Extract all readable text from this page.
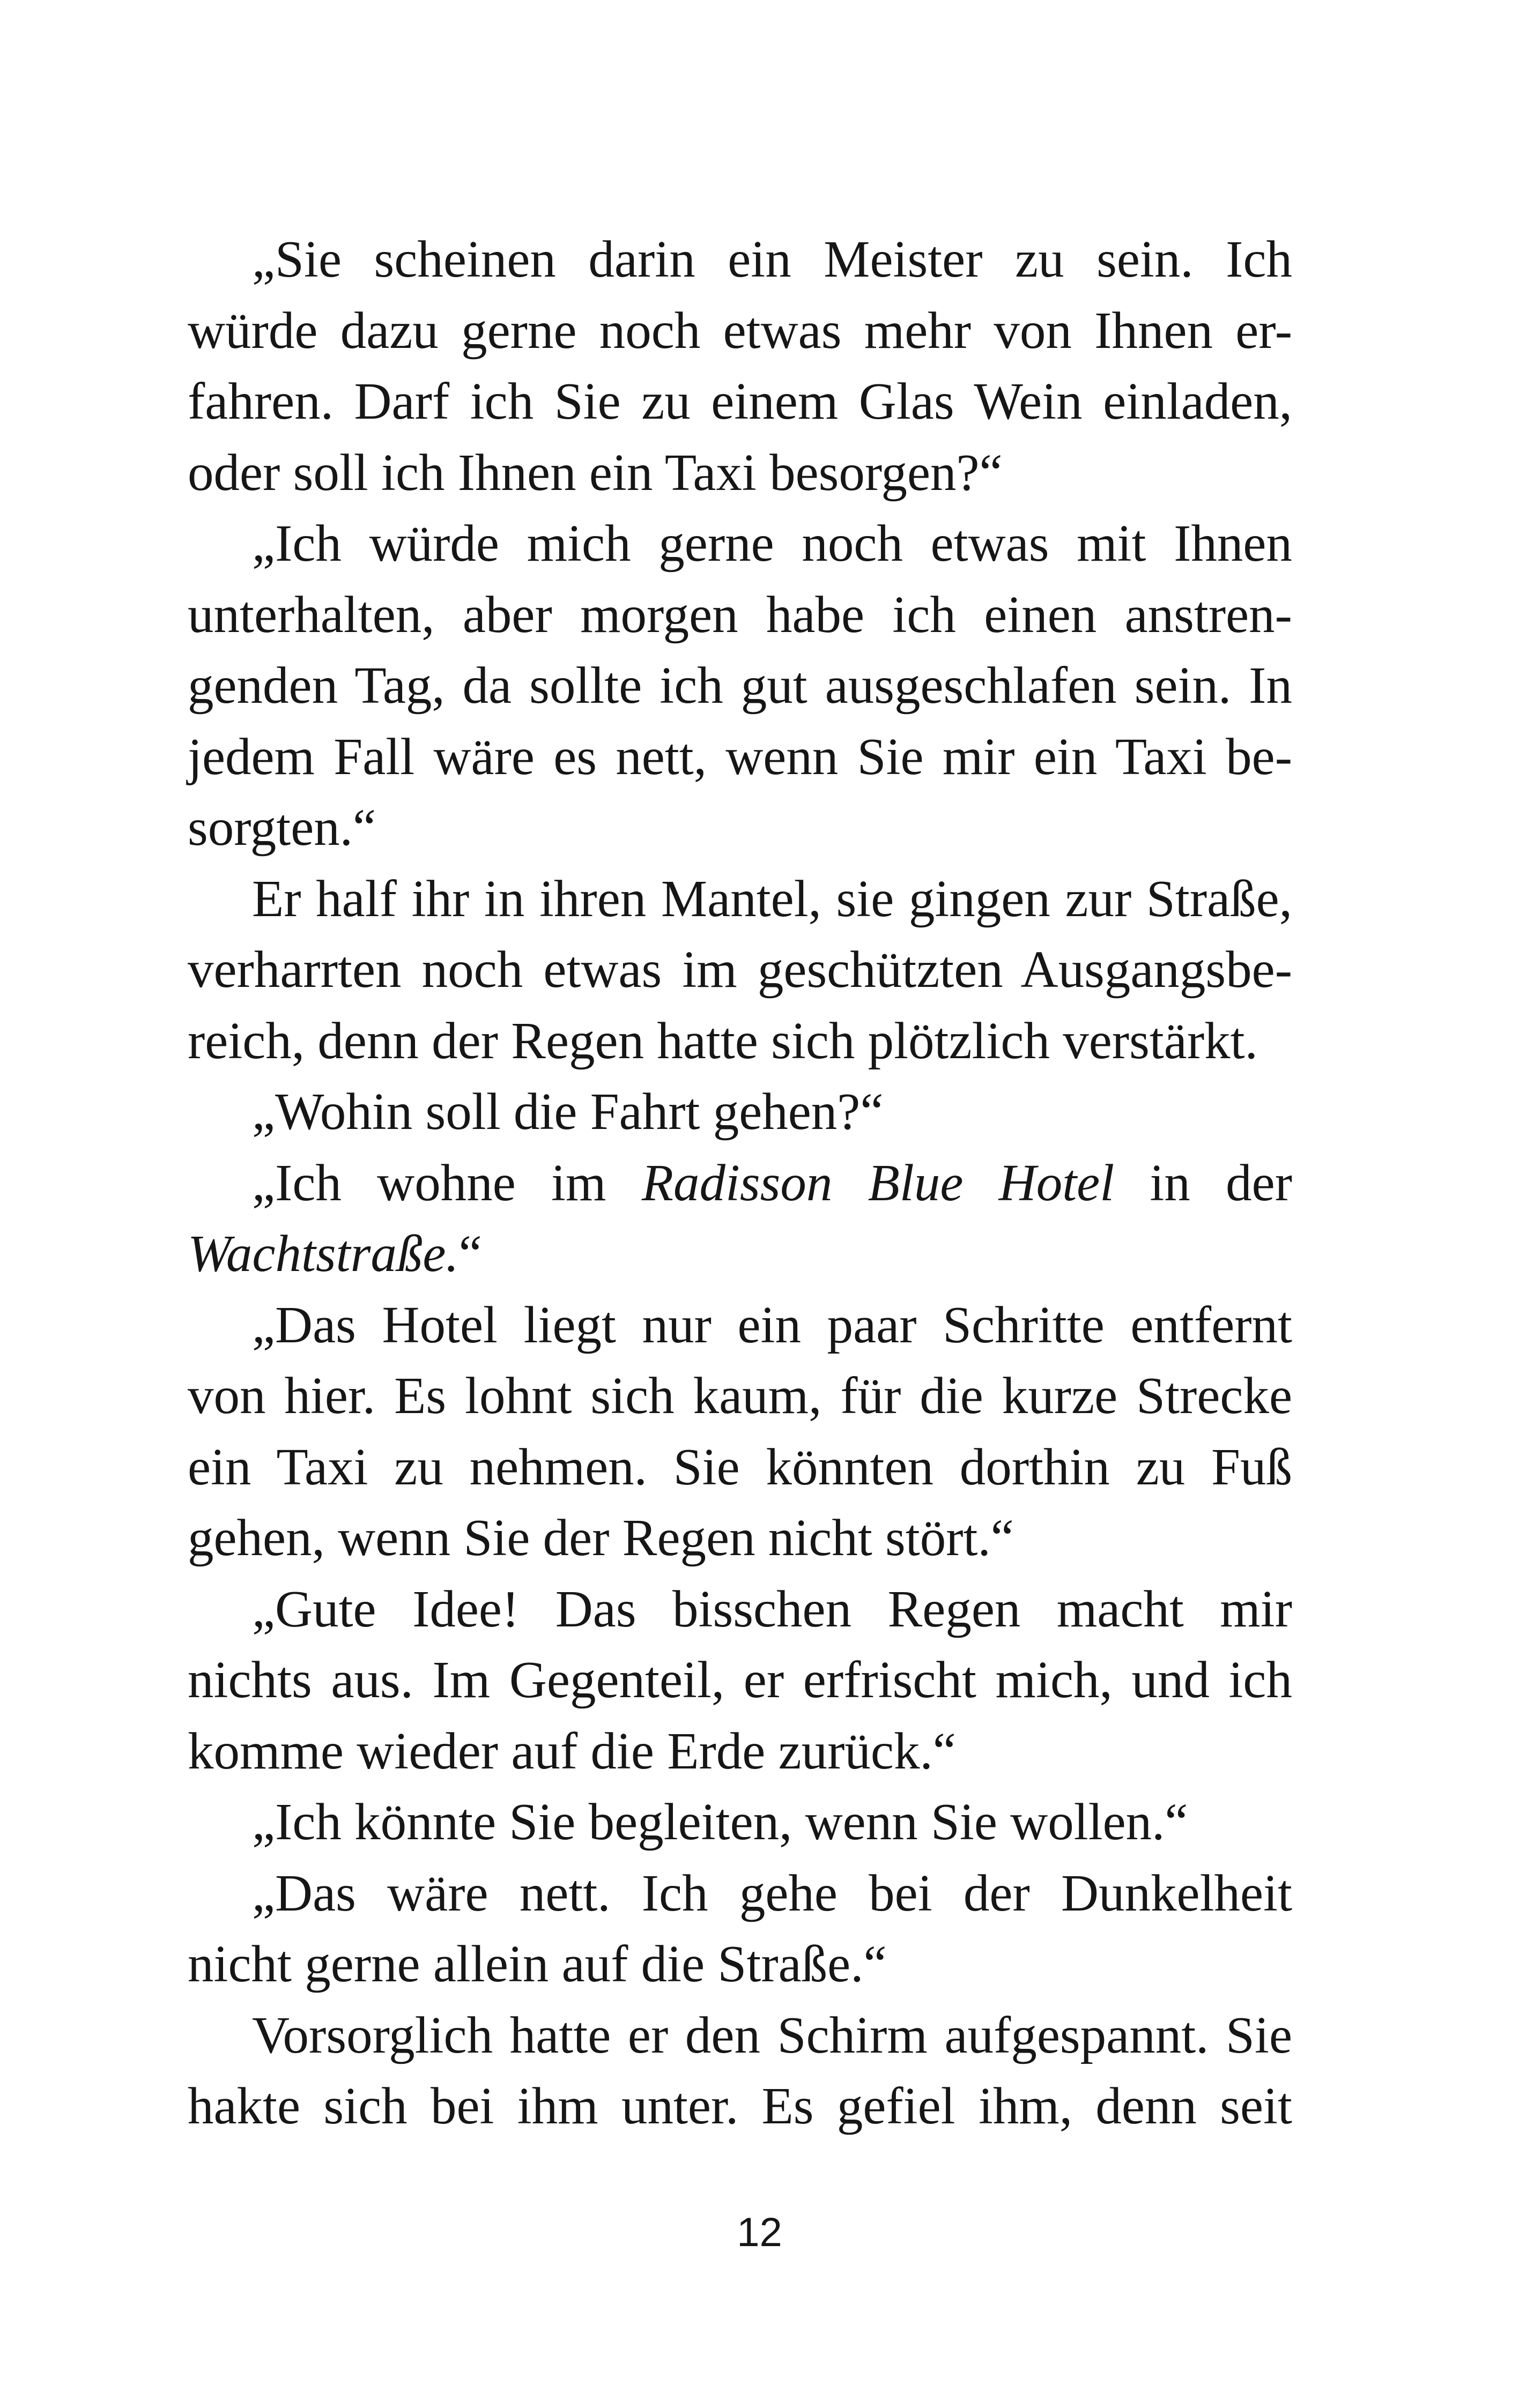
„Sie scheinen darin ein Meister zu sein. Ich
würde dazu gerne noch etwas mehr von Ihnen er-
fahren. Darf ich Sie zu einem Glas Wein einladen,
oder soll ich Ihnen ein Taxi besorgen?“
„Ich würde mich gerne noch etwas mit Ihnen
unterhalten, aber morgen habe ich einen anstren-
genden Tag, da sollte ich gut ausgeschlafen sein. In
jedem Fall wäre es nett, wenn Sie mir ein Taxi be-
sorgten.“
Er half ihr in ihren Mantel, sie gingen zur Straße,
verharrten noch etwas im geschützten Ausgangsbe-
reich, denn der Regen hatte sich plötzlich verstärkt.
„Wohin soll die Fahrt gehen?“
„Ich wohne im Radisson Blue Hotel in der
Wachtstraße.“
„Das Hotel liegt nur ein paar Schritte entfernt
von hier. Es lohnt sich kaum, für die kurze Strecke
ein Taxi zu nehmen. Sie könnten dorthin zu Fuß
gehen, wenn Sie der Regen nicht stört.“
„Gute Idee! Das bisschen Regen macht mir
nichts aus. Im Gegenteil, er erfrischt mich, und ich
komme wieder auf die Erde zurück.“
„Ich könnte Sie begleiten, wenn Sie wollen.“
„Das wäre nett. Ich gehe bei der Dunkelheit
nicht gerne allein auf die Straße.“
Vorsorglich hatte er den Schirm aufgespannt. Sie
hakte sich bei ihm unter. Es gefiel ihm, denn seit
12
